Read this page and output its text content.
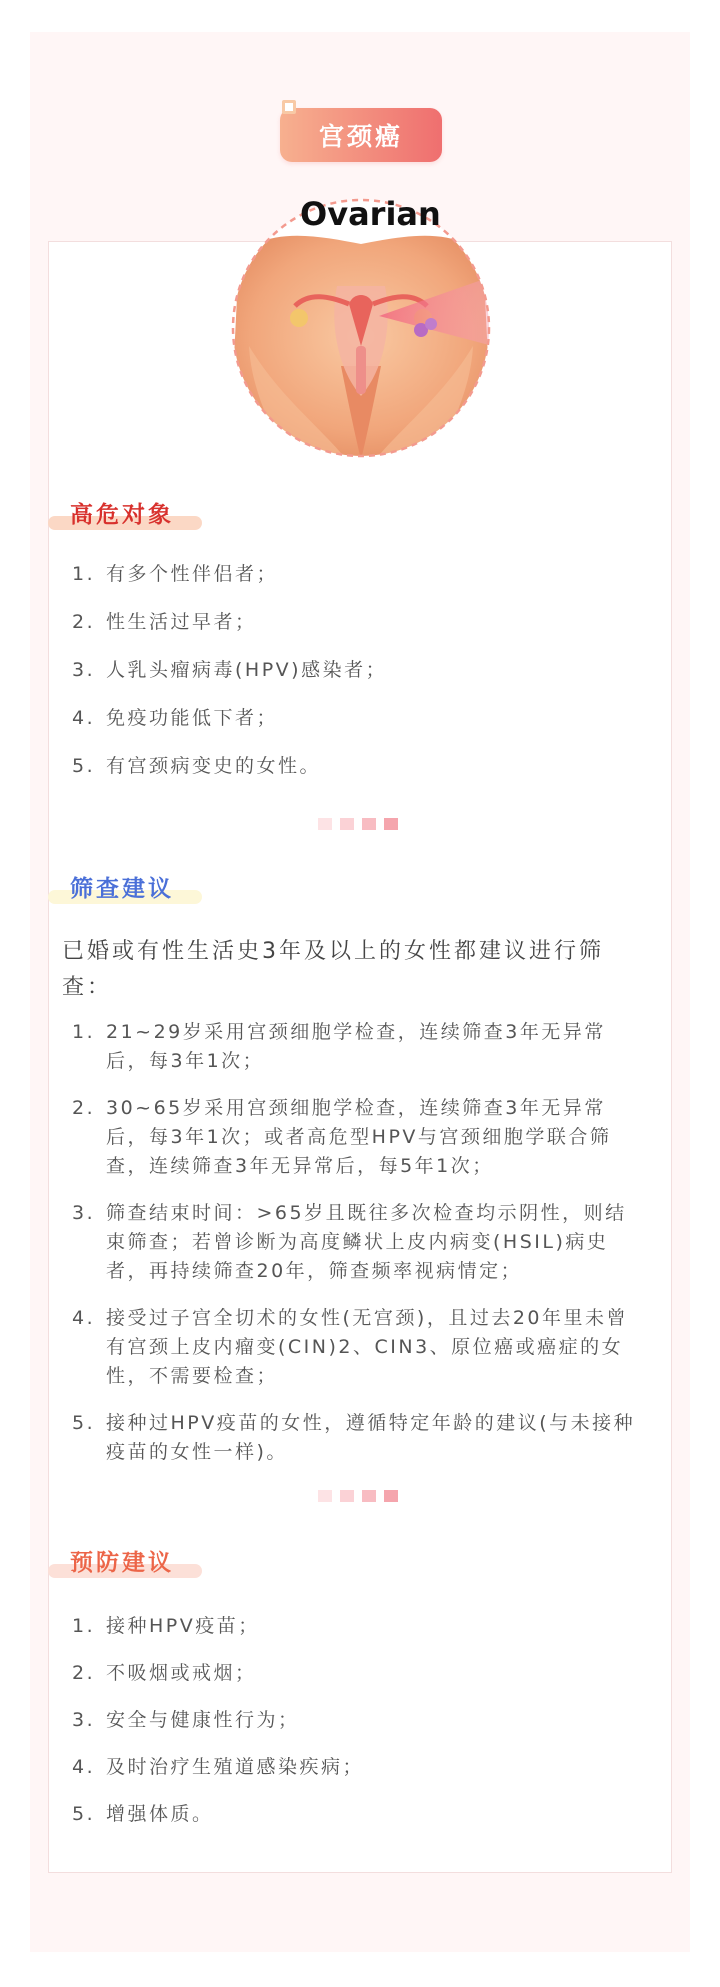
宫颈癌
Ovarian
高危对象
1. 有多个性伴侣者；
2. 性生活过早者；
3. 人乳头瘤病毒(HPV)感染者；
4. 免疫功能低下者；
5. 有宫颈病变史的女性。
筛查建议
已婚或有性生活史3年及以上的女性都建议进行筛查：
1. 21~29岁采用宫颈细胞学检查，连续筛查3年无异常后，每3年1次；
2. 30~65岁采用宫颈细胞学检查，连续筛查3年无异常后，每3年1次；或者高危型HPV与宫颈细胞学联合筛查，连续筛查3年无异常后，每5年1次；
3. 筛查结束时间：>65岁且既往多次检查均示阴性，则结束筛查；若曾诊断为高度鳞状上皮内病变(HSIL)病史者，再持续筛查20年，筛查频率视病情定；
4. 接受过子宫全切术的女性(无宫颈)，且过去20年里未曾有宫颈上皮内瘤变(CIN)2、CIN3、原位癌或癌症的女性，不需要检查；
5. 接种过HPV疫苗的女性，遵循特定年龄的建议(与未接种疫苗的女性一样)。
预防建议
1. 接种HPV疫苗；
2. 不吸烟或戒烟；
3. 安全与健康性行为；
4. 及时治疗生殖道感染疾病；
5. 增强体质。
